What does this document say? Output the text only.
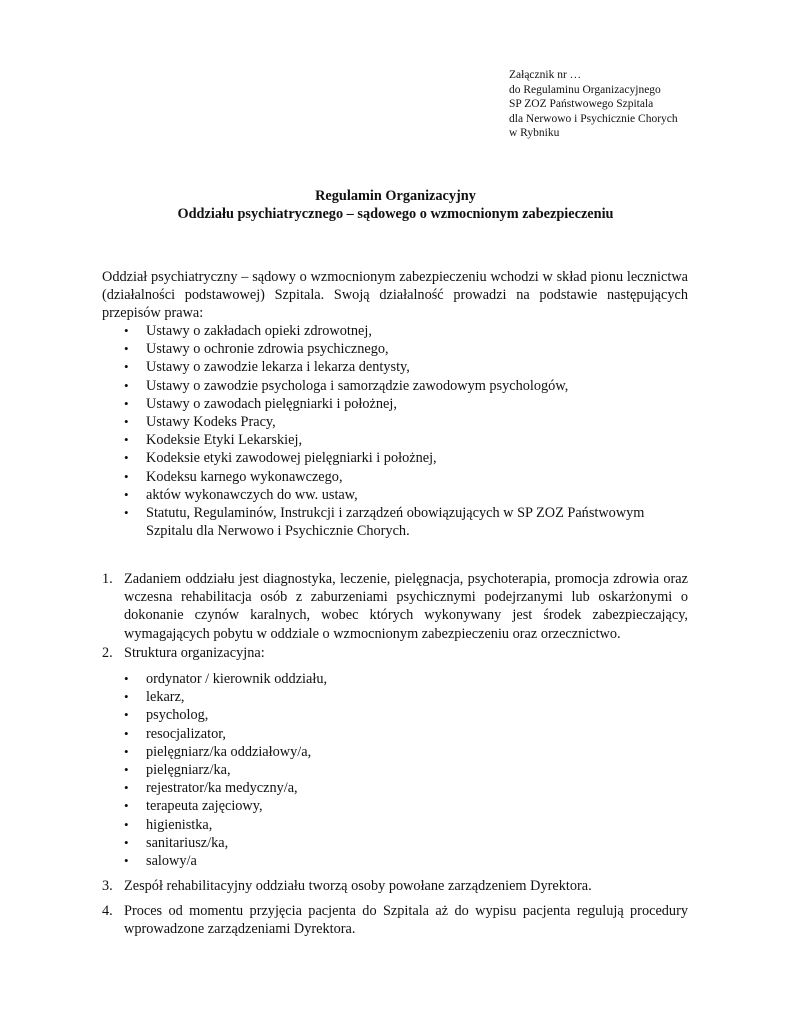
Załącznik nr …
do Regulaminu Organizacyjnego
SP ZOZ Państwowego Szpitala
dla Nerwowo i Psychicznie Chorych
w Rybniku
Regulamin Organizacyjny
Oddziału psychiatrycznego – sądowego o wzmocnionym zabezpieczeniu
Oddział psychiatryczny – sądowy o wzmocnionym zabezpieczeniu wchodzi w skład pionu lecznictwa (działalności podstawowej) Szpitala. Swoją działalność prowadzi na podstawie następujących przepisów prawa:
• Ustawy o zakładach opieki zdrowotnej,
• Ustawy o ochronie zdrowia psychicznego,
• Ustawy o zawodzie lekarza i lekarza dentysty,
• Ustawy o zawodzie psychologa i samorządzie zawodowym psychologów,
• Ustawy o zawodach pielęgniarki i położnej,
• Ustawy Kodeks Pracy,
• Kodeksie Etyki Lekarskiej,
• Kodeksie etyki zawodowej pielęgniarki i położnej,
• Kodeksu karnego wykonawczego,
• aktów wykonawczych do ww. ustaw,
• Statutu, Regulaminów, Instrukcji i zarządzeń obowiązujących w SP ZOZ Państwowym Szpitalu dla Nerwowo i Psychicznie Chorych.
1. Zadaniem oddziału jest diagnostyka, leczenie, pielęgnacja, psychoterapia, promocja zdrowia oraz wczesna rehabilitacja osób z zaburzeniami psychicznymi podejrzanymi lub oskarżonymi o dokonanie czynów karalnych, wobec których wykonywany jest środek zabezpieczający, wymagających pobytu w oddziale o wzmocnionym zabezpieczeniu oraz orzecznictwo.
2. Struktura organizacyjna:
• ordynator / kierownik oddziału,
• lekarz,
• psycholog,
• resocjalizator,
• pielęgniarz/ka oddziałowy/a,
• pielęgniarz/ka,
• rejestrator/ka medyczny/a,
• terapeuta zajęciowy,
• higienistka,
• sanitariusz/ka,
• salowy/a
3. Zespół rehabilitacyjny oddziału tworzą osoby powołane zarządzeniem Dyrektora.
4. Proces od momentu przyjęcia pacjenta do Szpitala aż do wypisu pacjenta regulują procedury wprowadzone zarządzeniami Dyrektora.
